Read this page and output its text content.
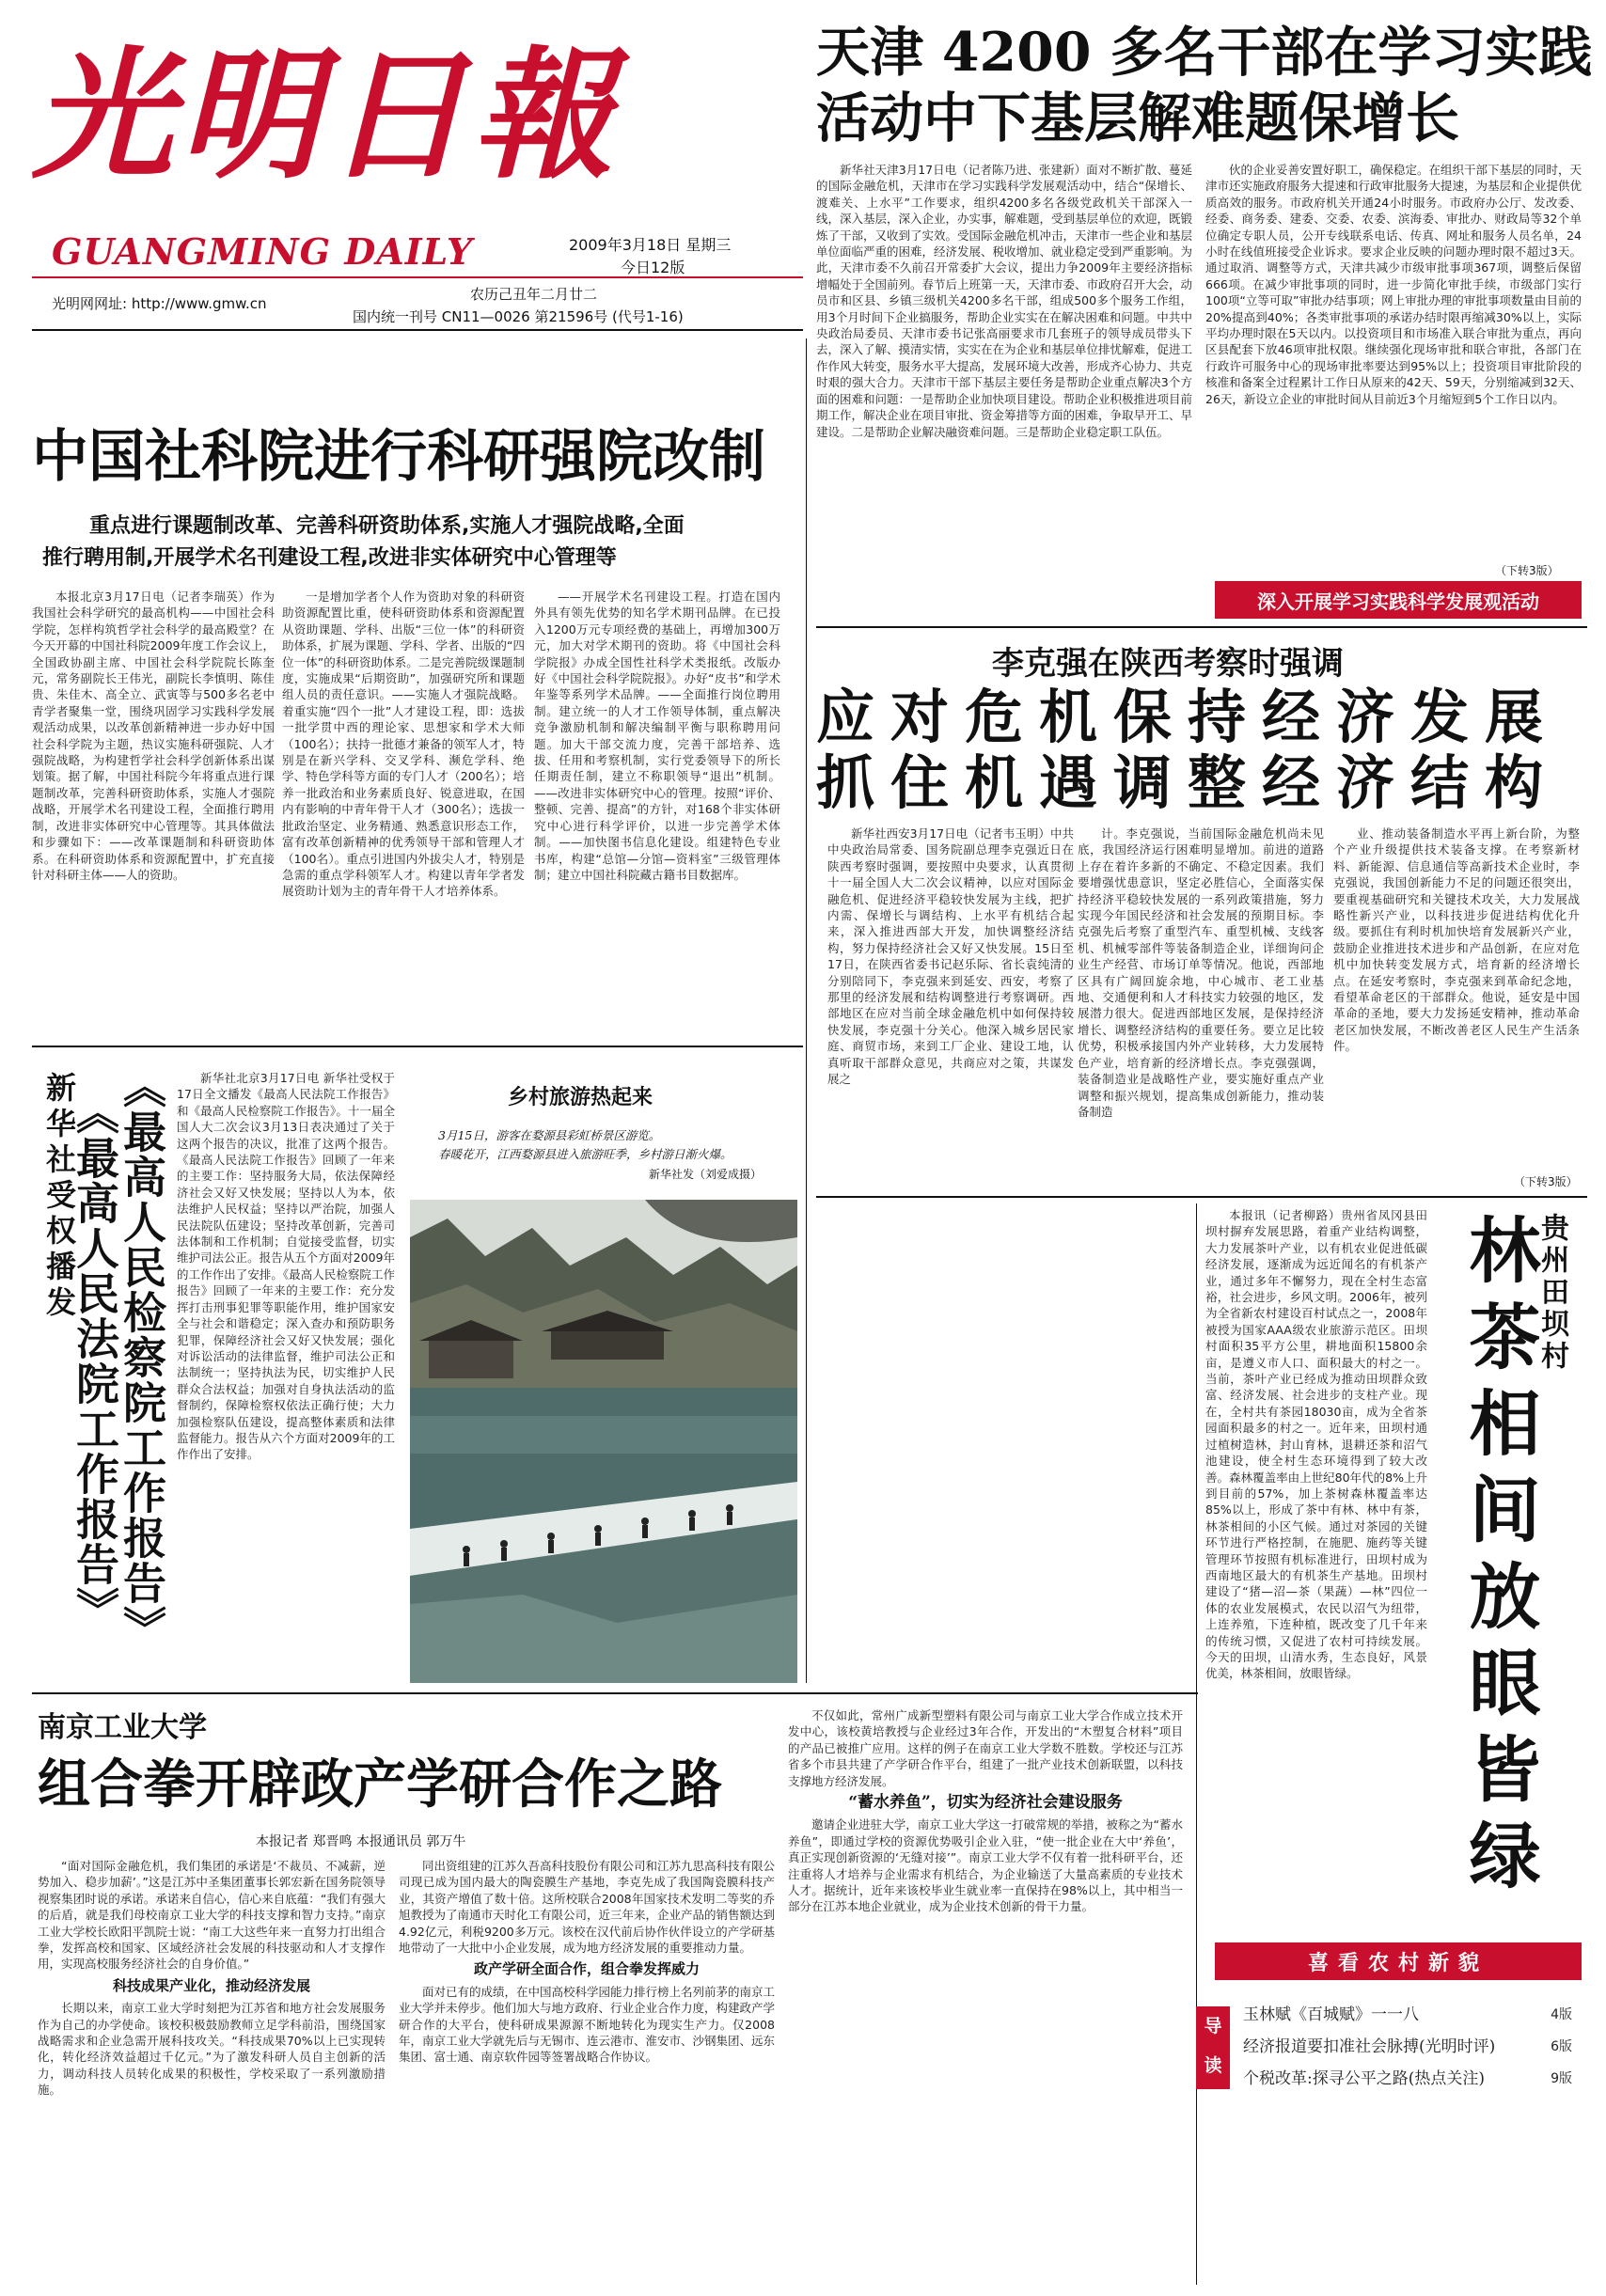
光明日報
GUANGMING DAILY	2009年3月18日 星期三
今日12版
光明网网址: http://www.gmw.cn
农历己丑年二月廿二
国内统一刊号 CN11—0026 第21596号 (代号1-16)
天津 4200 多名干部在学习实践
活动中下基层解难题保增长

新华社天津3月17日电（记者陈乃进、张建新）面对不断扩散、蔓延的国际金融危机，天津市在学习实践科学发展观活动中，结合“保增长、渡难关、上水平”工作要求，组织4200多名各级党政机关干部深入一线，深入基层，深入企业，办实事，解难题，受到基层单位的欢迎，既锻炼了干部，又收到了实效。受国际金融危机冲击，天津市一些企业和基层单位面临严重的困难，经济发展、税收增加、就业稳定受到严重影响。为此，天津市委不久前召开常委扩大会议，提出力争2009年主要经济指标增幅处于全国前列。春节后上班第一天，天津市委、市政府召开大会，动员市和区县、乡镇三级机关4200多名干部，组成500多个服务工作组，用3个月时间下企业搞服务，帮助企业实实在在解决困难和问题。中共中央政治局委员、天津市委书记张高丽要求市几套班子的领导成员带头下去，深入了解、摸清实情，实实在在为企业和基层单位排忧解难，促进工作作风大转变，服务水平大提高，发展环境大改善，形成齐心协力、共克时艰的强大合力。天津市干部下基层主要任务是帮助企业重点解决3个方面的困难和问题：一是帮助企业加快项目建设。帮助企业积极推进项目前期工作，解决企业在项目审批、资金筹措等方面的困难，争取早开工、早建设。二是帮助企业解决融资难问题。三是帮助企业稳定职工队伍。

伙的企业妥善安置好职工，确保稳定。在组织干部下基层的同时，天津市还实施政府服务大提速和行政审批服务大提速，为基层和企业提供优质高效的服务。市政府机关开通24小时服务。市政府办公厅、发改委、经委、商务委、建委、交委、农委、滨海委、审批办、财政局等32个单位确定专职人员，公开专线联系电话、传真、网址和服务人员名单，24小时在线值班接受企业诉求。要求企业反映的问题办理时限不超过3天。通过取消、调整等方式，天津共减少市级审批事项367项，调整后保留666项。在减少审批事项的同时，进一步简化审批手续，市级部门实行100项“立等可取”审批办结事项；网上审批办理的审批事项数量由目前的20%提高到40%；各类审批事项的承诺办结时限再缩减30%以上，实际平均办理时限在5天以内。以投资项目和市场准入联合审批为重点，再向区县配套下放46项审批权限。继续强化现场审批和联合审批，各部门在行政许可服务中心的现场审批率要达到95%以上；投资项目审批阶段的核准和备案全过程累计工作日从原来的42天、59天，分别缩减到32天、26天，新设立企业的审批时间从目前近3个月缩短到5个工作日以内。

（下转3版）
深入开展学习实践科学发展观活动
中国社科院进行科研强院改制
重点进行课题制改革、完善科研资助体系,实施人才强院战略,全面
推行聘用制,开展学术名刊建设工程,改进非实体研究中心管理等

本报北京3月17日电（记者李瑞英）作为我国社会科学研究的最高机构——中国社会科学院，怎样构筑哲学社会科学的最高殿堂？在今天开幕的中国社科院2009年度工作会议上，全国政协副主席、中国社会科学院院长陈奎元，常务副院长王伟光，副院长李慎明、陈佳贵、朱佳木、高全立、武寅等与500多名老中青学者聚集一堂，围绕巩固学习实践科学发展观活动成果，以改革创新精神进一步办好中国社会科学院为主题，热议实施科研强院、人才强院战略，为构建哲学社会科学创新体系出谋划策。据了解，中国社科院今年将重点进行课题制改革，完善科研资助体系，实施人才强院战略，开展学术名刊建设工程，全面推行聘用制，改进非实体研究中心管理等。其具体做法和步骤如下：——改革课题制和科研资助体系。在科研资助体系和资源配置中，扩充直接针对科研主体——人的资助。

一是增加学者个人作为资助对象的科研资助资源配置比重，使科研资助体系和资源配置从资助课题、学科、出版“三位一体”的科研资助体系，扩展为课题、学科、学者、出版的“四位一体”的科研资助体系。二是完善院级课题制度，实施成果“后期资助”，加强研究所和课题组人员的责任意识。——实施人才强院战略。着重实施“四个一批”人才建设工程，即：选拔一批学贯中西的理论家、思想家和学术大师（100名）；扶持一批德才兼备的领军人才，特别是在新兴学科、交叉学科、濒危学科、绝学、特色学科等方面的专门人才（200名）；培养一批政治和业务素质良好、锐意进取，在国内有影响的中青年骨干人才（300名）；选拔一批政治坚定、业务精通、熟悉意识形态工作，富有改革创新精神的优秀领导干部和管理人才（100名）。重点引进国内外拔尖人才，特别是急需的重点学科领军人才。构建以青年学者发展资助计划为主的青年骨干人才培养体系。

——开展学术名刊建设工程。打造在国内外具有领先优势的知名学术期刊品牌。在已投入1200万元专项经费的基础上，再增加300万元，加大对学术期刊的资助。将《中国社会科学院报》办成全国性社科学术类报纸。改版办好《中国社会科学院院报》。办好“皮书”和学术年鉴等系列学术品牌。——全面推行岗位聘用制。建立统一的人才工作领导体制，重点解决竞争激励机制和解决编制平衡与职称聘用问题。加大干部交流力度，完善干部培养、选拔、任用和考察机制，实行党委领导下的所长任期责任制，建立不称职领导“退出”机制。——改进非实体研究中心的管理。按照“评价、整顿、完善、提高”的方针，对168个非实体研究中心进行科学评价，以进一步完善学术体制。——加快图书信息化建设。组建特色专业书库，构建“总馆—分馆—资料室”三级管理体制；建立中国社科院藏古籍书目数据库。

李克强在陕西考察时强调
应对危机保持经济发展
抓住机遇调整经济结构

新华社西安3月17日电（记者韦玉明）中共中央政治局常委、国务院副总理李克强近日在陕西考察时强调，要按照中央要求，认真贯彻十一届全国人大二次会议精神，以应对国际金融危机、促进经济平稳较快发展为主线，把扩内需、保增长与调结构、上水平有机结合起来，深入推进西部大开发，加快调整经济结构，努力保持经济社会又好又快发展。15日至17日，在陕西省委书记赵乐际、省长袁纯清的分别陪同下，李克强来到延安、西安，考察了那里的经济发展和结构调整进行考察调研。西部地区在应对当前全球金融危机中如何保持较快发展，李克强十分关心。他深入城乡居民家庭、商贸市场，来到工厂企业、建设工地，认真听取干部群众意见，共商应对之策，共谋发展之

计。李克强说，当前国际金融危机尚未见底，我国经济运行困难明显增加。前进的道路上存在着许多新的不确定、不稳定因素。我们要增强忧患意识，坚定必胜信心，全面落实保持经济平稳较快发展的一系列政策措施，努力实现今年国民经济和社会发展的预期目标。李克强先后考察了重型汽车、重型机械、支线客机、机械零部件等装备制造企业，详细询问企业生产经营、市场订单等情况。他说，西部地区具有广阔回旋余地，中心城市、老工业基地、交通便利和人才科技实力较强的地区，发展潜力很大。促进西部地区发展，是保持经济增长、调整经济结构的重要任务。要立足比较优势，积极承接国内外产业转移，大力发展特色产业，培育新的经济增长点。李克强强调，装备制造业是战略性产业，要实施好重点产业调整和振兴规划，提高集成创新能力，推动装备制造

业、推动装备制造水平再上新台阶，为整个产业升级提供技术装备支撑。在考察新材料、新能源、信息通信等高新技术企业时，李克强说，我国创新能力不足的问题还很突出，要重视基础研究和关键技术攻关，大力发展战略性新兴产业，以科技进步促进结构优化升级。要抓住有利时机加快培育发展新兴产业，鼓励企业推进技术进步和产品创新，在应对危机中加快转变发展方式，培育新的经济增长点。在延安考察时，李克强来到革命纪念地，看望革命老区的干部群众。他说，延安是中国革命的圣地，要大力发扬延安精神，推动革命老区加快发展，不断改善老区人民生产生活条件。

（下转3版）
新华社受权播发 《最高人民检察院工作报告》
《最高人民法院工作报告》

新华社北京3月17日电 新华社受权于17日全文播发《最高人民法院工作报告》和《最高人民检察院工作报告》。十一届全国人大二次会议3月13日表决通过了关于这两个报告的决议，批准了这两个报告。《最高人民法院工作报告》回顾了一年来的主要工作：坚持服务大局，依法保障经济社会又好又快发展；坚持以人为本，依法维护人民权益；坚持以严治院，加强人民法院队伍建设；坚持改革创新，完善司法体制和工作机制；自觉接受监督，切实维护司法公正。报告从五个方面对2009年的工作作出了安排。《最高人民检察院工作报告》回顾了一年来的主要工作：充分发挥打击刑事犯罪等职能作用，维护国家安全与社会和谐稳定；深入查办和预防职务犯罪，保障经济社会又好又快发展；强化对诉讼活动的法律监督，维护司法公正和法制统一；坚持执法为民，切实维护人民群众合法权益；加强对自身执法活动的监督制约，保障检察权依法正确行使；大力加强检察队伍建设，提高整体素质和法律监督能力。报告从六个方面对2009年的工作作出了安排。

乡村旅游热起来
3月15日，游客在婺源县彩虹桥景区游览。
春暖花开，江西婺源县进入旅游旺季，乡村游日渐火爆。
新华社发（刘爱成摄）
南京工业大学
组合拳开辟政产学研合作之路
本报记者 郑晋鸣 本报通讯员 郭万牛

“面对国际金融危机，我们集团的承诺是‘不裁员、不减薪，逆势加入、稳步加薪’。”这是江苏中圣集团董事长郭宏新在国务院领导视察集团时说的承诺。承诺来自信心，信心来自底蕴：“我们有强大的后盾，就是我们母校南京工业大学的科技支撑和智力支持。”南京工业大学校长欧阳平凯院士说：“南工大这些年来一直努力打出组合拳，发挥高校和国家、区域经济社会发展的科技驱动和人才支撑作用，实现高校服务经济社会的自身价值。”

科技成果产业化，推动经济发展

长期以来，南京工业大学时刻把为江苏省和地方社会发展服务作为自己的办学使命。该校积极鼓励教师立足学科前沿，围绕国家战略需求和企业急需开展科技攻关。“科技成果70%以上已实现转化，转化经济效益超过千亿元。”为了激发科研人员自主创新的活力，调动科技人员转化成果的积极性，学校采取了一系列激励措施。

同出资组建的江苏久吾高科技股份有限公司和江苏九思高科技有限公司现已成为国内最大的陶瓷膜生产基地，李克先成了我国陶瓷膜科技产业，其资产增值了数十倍。这所校联合2008年国家技术发明二等奖的乔旭教授为了南通市天时化工有限公司，近三年来，企业产品的销售额达到4.92亿元，利税9200多万元。该校在汉代前后协作伙伴设立的产学研基地带动了一大批中小企业发展，成为地方经济发展的重要推动力量。

政产学研全面合作，组合拳发挥威力

面对已有的成绩，在中国高校科学园能力排行榜上名列前茅的南京工业大学并未停步。他们加大与地方政府、行业企业合作力度，构建政产学研合作的大平台，使科研成果源源不断地转化为现实生产力。仅2008年，南京工业大学就先后与无锡市、连云港市、淮安市、沙钢集团、远东集团、富士通、南京软件园等签署战略合作协议。

不仅如此，常州广成新型塑料有限公司与南京工业大学合作成立技术开发中心，该校黄培教授与企业经过3年合作，开发出的“木塑复合材料”项目的产品已被推广应用。这样的例子在南京工业大学数不胜数。学校还与江苏省多个市县共建了产学研合作平台，组建了一批产业技术创新联盟，以科技支撑地方经济发展。

“蓄水养鱼”，切实为经济社会建设服务

邀请企业进驻大学，南京工业大学这一打破常规的举措，被称之为“蓄水养鱼”，即通过学校的资源优势吸引企业入驻，“使一批企业在大中‘养鱼’，真正实现创新资源的‘无缝对接’”。南京工业大学不仅有着一批科研平台，还注重将人才培养与企业需求有机结合，为企业输送了大量高素质的专业技术人才。据统计，近年来该校毕业生就业率一直保持在98%以上，其中相当一部分在江苏本地企业就业，成为企业技术创新的骨干力量。

本报讯（记者柳路）贵州省凤冈县田坝村摒弃发展思路，着重产业结构调整，大力发展茶叶产业，以有机农业促进低碳经济发展，逐渐成为远近闻名的有机茶产业，通过多年不懈努力，现在全村生态富裕，社会进步，乡风文明。2006年，被列为全省新农村建设百村试点之一，2008年被授为国家AAA级农业旅游示范区。田坝村面积35平方公里，耕地面积15800余亩，是遵义市人口、面积最大的村之一。当前，茶叶产业已经成为推动田坝群众致富、经济发展、社会进步的支柱产业。现在，全村共有茶园18030亩，成为全省茶园面积最多的村之一。近年来，田坝村通过植树造林，封山育林，退耕还茶和沼气池建设，使全村生态环境得到了较大改善。森林覆盖率由上世纪80年代的8%上升到目前的57%，加上茶树森林覆盖率达85%以上，形成了茶中有林、林中有茶，林茶相间的小区气候。通过对茶园的关键环节进行严格控制，在施肥、施药等关键管理环节按照有机标准进行，田坝村成为西南地区最大的有机茶生产基地。田坝村建设了“猪—沼—茶（果蔬）—林”四位一体的农业发展模式，农民以沼气为纽带，上连养殖，下连种植，既改变了几千年来的传统习惯，又促进了农村可持续发展。今天的田坝，山清水秀，生态良好，风景优美，林茶相间，放眼皆绿。

贵州田坝村
林茶相间放眼皆绿
喜看农村新貌
导
读
玉林赋《百城赋》一一八	4版
经济报道要扣准社会脉搏(光明时评)	6版
个税改革:探寻公平之路(热点关注)	9版
